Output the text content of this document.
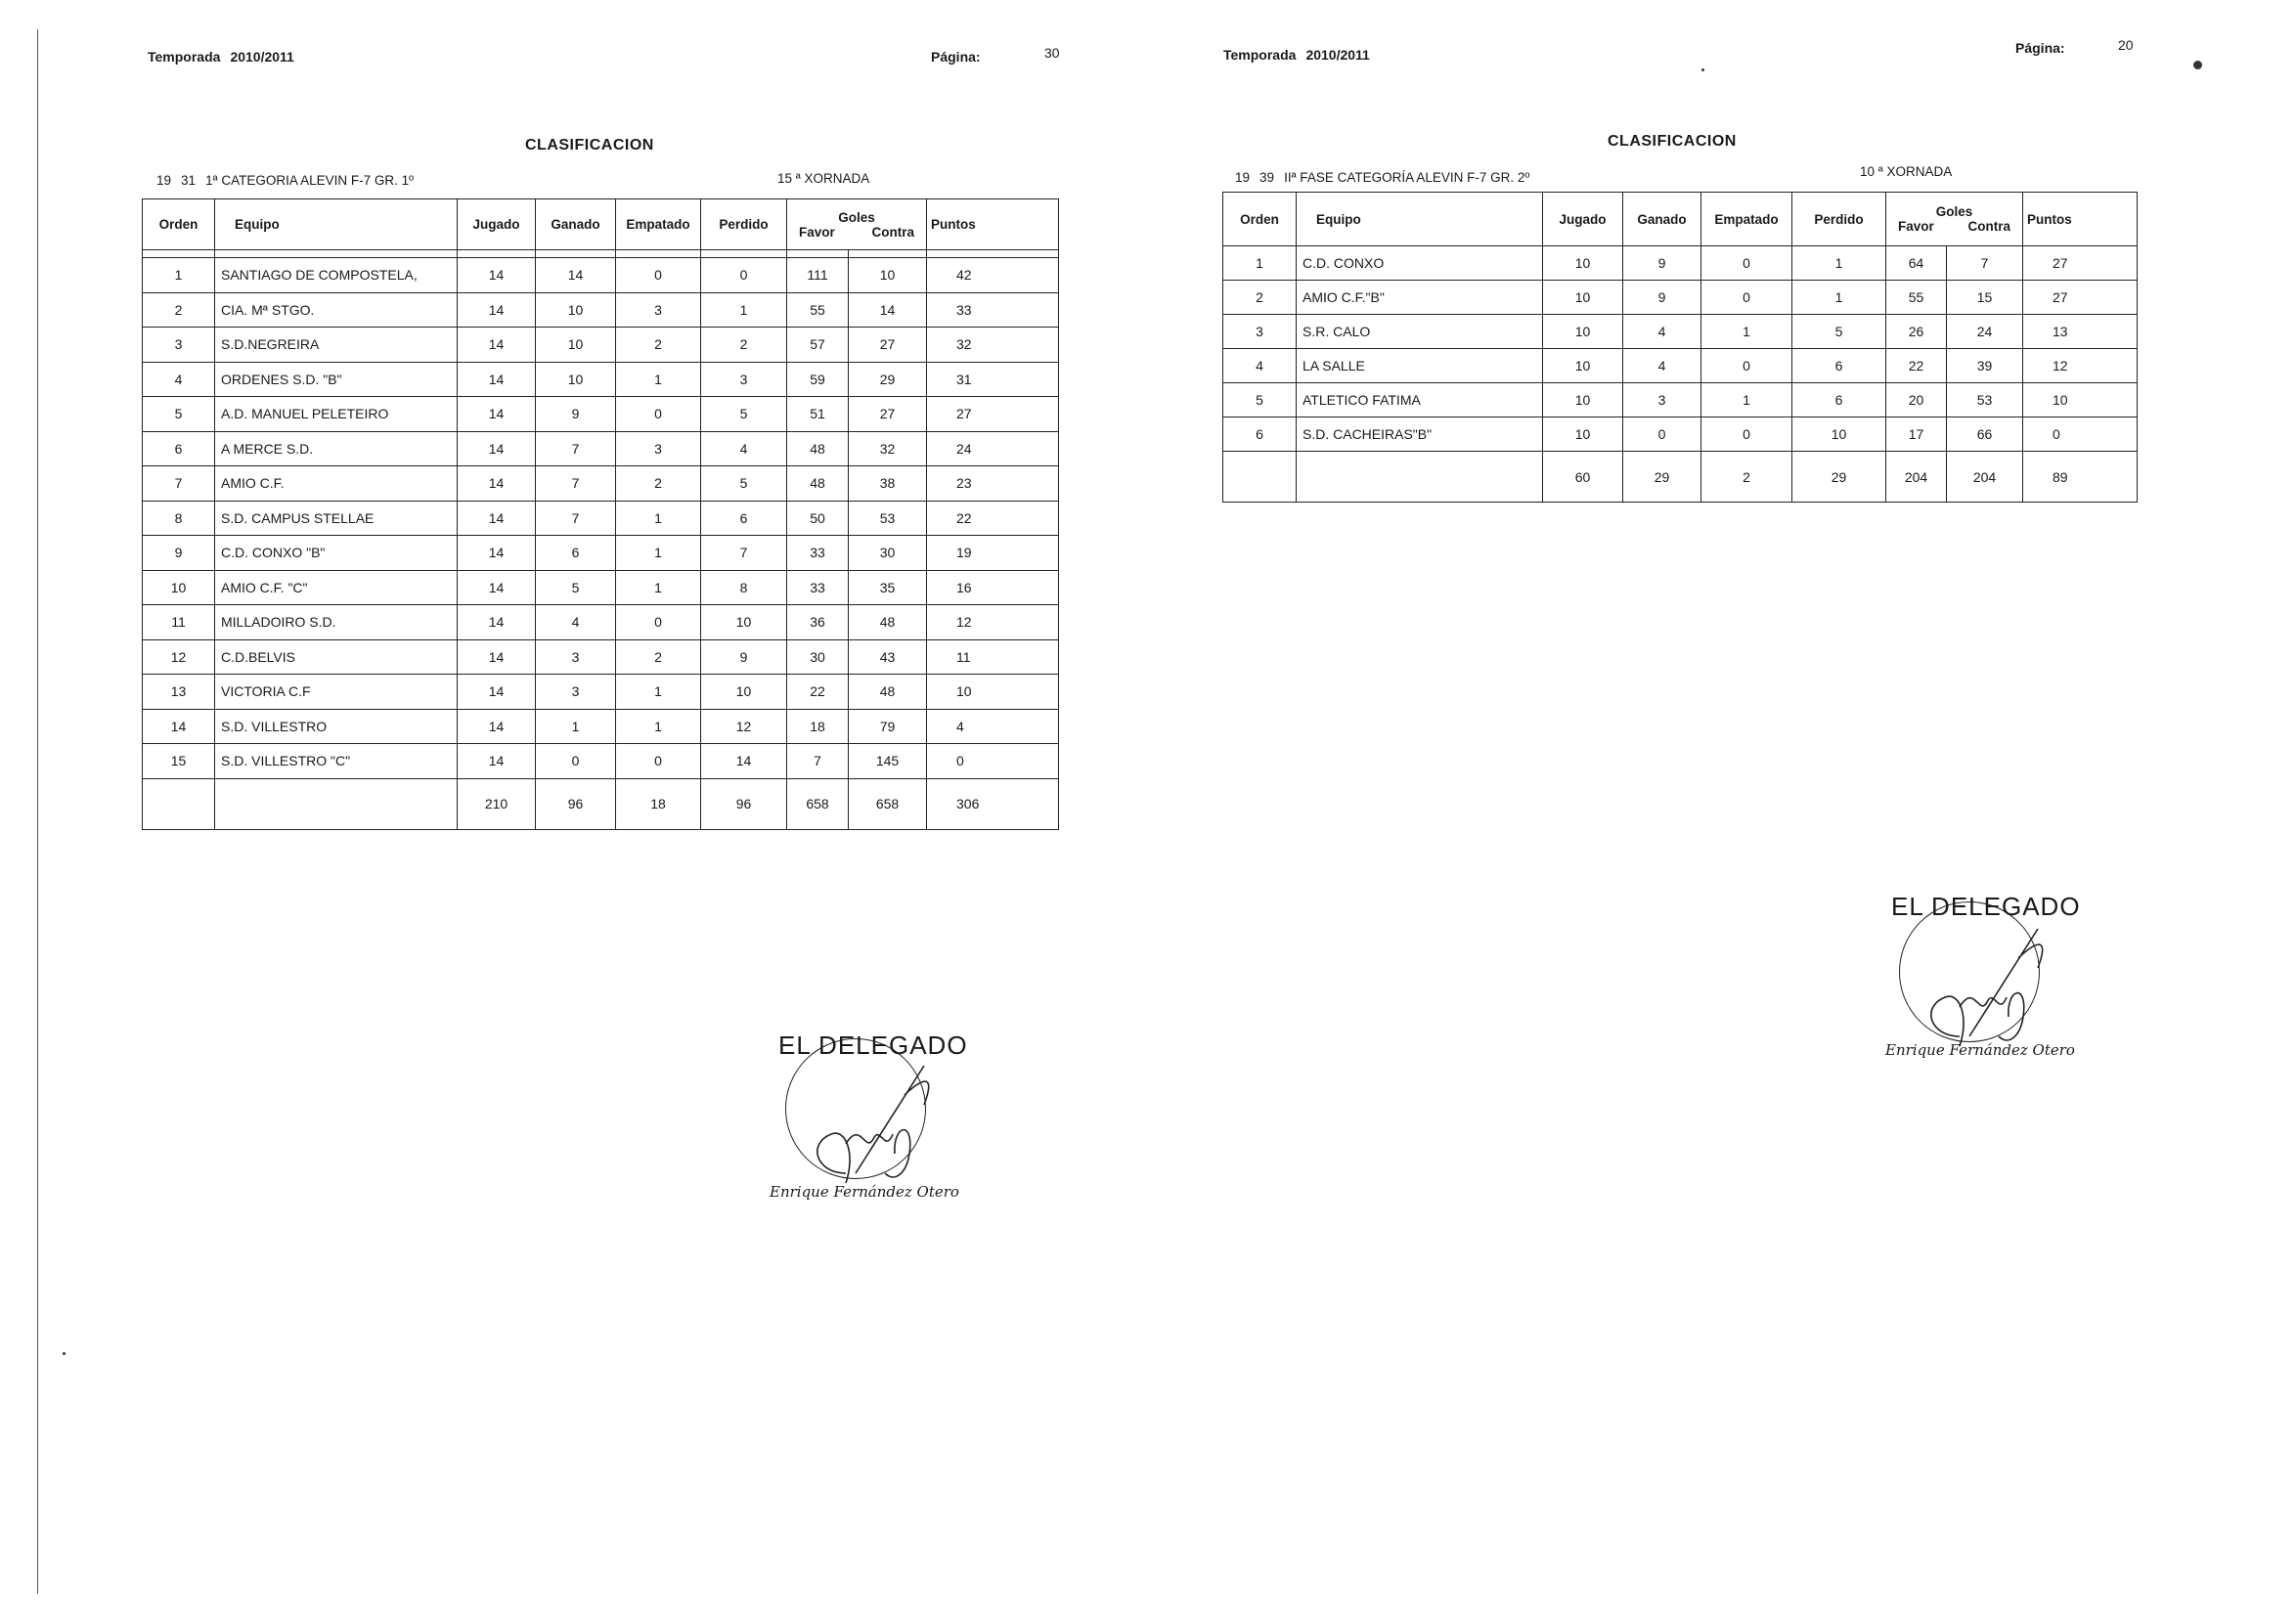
Temporada 2010/2011	Página:	30
CLASIFICACION
19 31 1ª CATEGORIA ALEVIN F-7 GR. 1º	15 ª XORNADA
Orden	Equipo	Jugado	Ganado	Empatado	Perdido	Goles
Favor Contra		Puntos

1	SANTIAGO DE COMPOSTELA,	14	14	0	0	111	10	42
2	CIA. Mª STGO.	14	10	3	1	55	14	33
3	S.D.NEGREIRA	14	10	2	2	57	27	32
4	ORDENES S.D. "B"	14	10	1	3	59	29	31
5	A.D. MANUEL PELETEIRO	14	9	0	5	51	27	27
6	A MERCE S.D.	14	7	3	4	48	32	24
7	AMIO C.F.	14	7	2	5	48	38	23
8	S.D. CAMPUS STELLAE	14	7	1	6	50	53	22
9	C.D. CONXO "B"	14	6	1	7	33	30	19
10	AMIO C.F. "C"	14	5	1	8	33	35	16
11	MILLADOIRO S.D.	14	4	0	10	36	48	12
12	C.D.BELVIS	14	3	2	9	30	43	11
13	VICTORIA C.F	14	3	1	10	22	48	10
14	S.D. VILLESTRO	14	1	1	12	18	79	4
15	S.D. VILLESTRO "C"	14	0	0	14	7	145	0
		210	96	18	96	658	658	306
EL DELEGADO
Enrique Fernández Otero
Temporada 2010/2011	Página:	20
CLASIFICACION
19 39 IIª FASE CATEGORÍA ALEVIN F-7 GR. 2º	10 ª XORNADA
Orden	Equipo	Jugado	Ganado	Empatado	Perdido	Goles
Favor Contra		Puntos
1	C.D. CONXO	10	9	0	1	64	7	27
2	AMIO C.F."B"	10	9	0	1	55	15	27
3	S.R. CALO	10	4	1	5	26	24	13
4	LA SALLE	10	4	0	6	22	39	12
5	ATLETICO FATIMA	10	3	1	6	20	53	10
6	S.D. CACHEIRAS"B"	10	0	0	10	17	66	0
		60	29	2	29	204	204	89
EL DELEGADO
Enrique Fernández Otero
